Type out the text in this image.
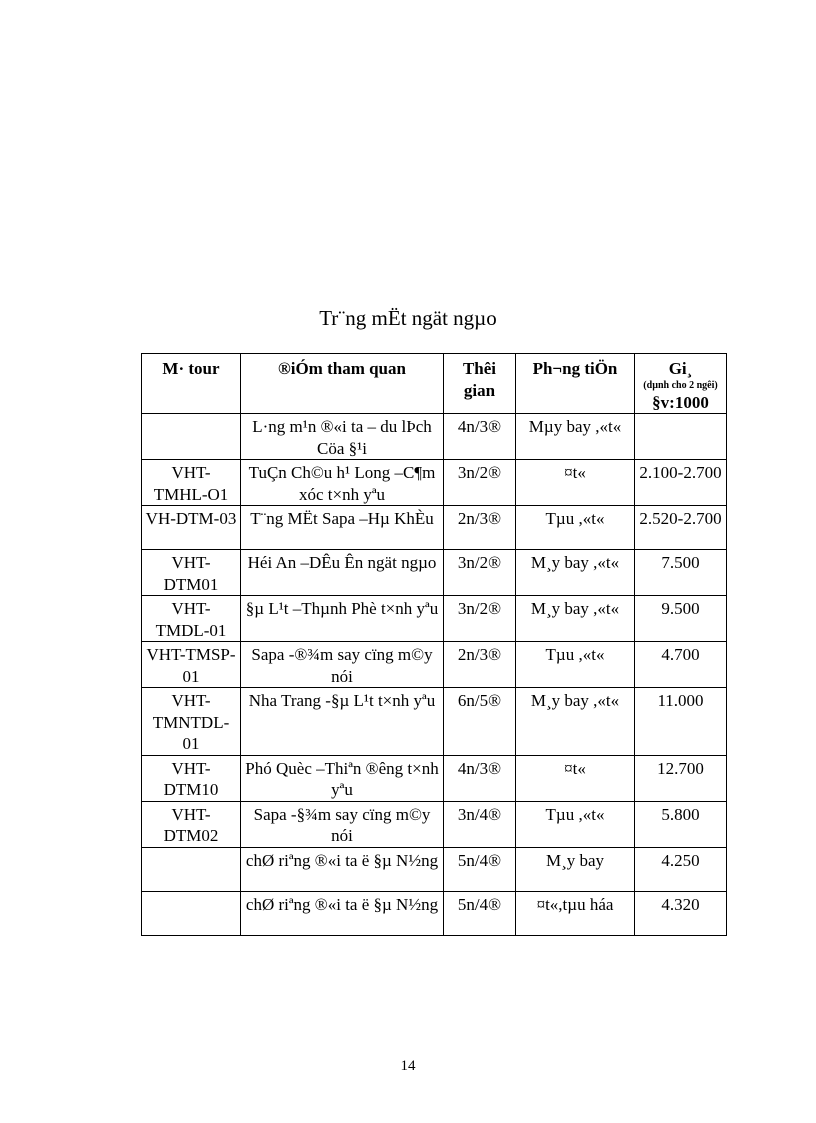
Tr¨ng mËt ngät ngµo
M· tour	®iÓm tham quan	Thêi gian	Ph¬ng tiÖn	Gi¸
(dµnh cho 2 ngêi)
§v:1000

	L·ng m¹n ®«i ta – du lÞch Cöa §¹i	4n/3®	Mµy bay ,«t«	
VHT-TMHL-O1	TuÇn Ch©u h¹ Long –C¶m xóc t×nh yªu	3n/2®	¤t«	2.100-2.700
VH-DTM-03	T¨ng MËt Sapa –Hµ KhÈu	2n/3®	Tµu ,«t«	2.520-2.700
VHT-DTM01	Héi An –DÊu Ên ngät ngµo	3n/2®	M¸y bay ,«t«	7.500
VHT-TMDL-01	§µ L¹t –Thµnh Phè t×nh yªu	3n/2®	M¸y bay ,«t«	9.500
VHT-TMSP-01	Sapa -®¾m say cïng m©y nói	2n/3®	Tµu ,«t«	4.700
VHT-TMNTDL-01	Nha Trang -§µ L¹t t×nh yªu	6n/5®	M¸y bay ,«t«	11.000
VHT-DTM10	Phó Quèc –Thiªn ®êng t×nh yªu	4n/3®	¤t«	12.700
VHT-DTM02	Sapa -§¾m say cïng m©y nói	3n/4®	Tµu ,«t«	5.800
	chØ riªng ®«i ta ë §µ N½ng	5n/4®	M¸y bay	4.250
	chØ riªng ®«i ta ë §µ N½ng	5n/4®	¤t«,tµu háa	4.320
14
